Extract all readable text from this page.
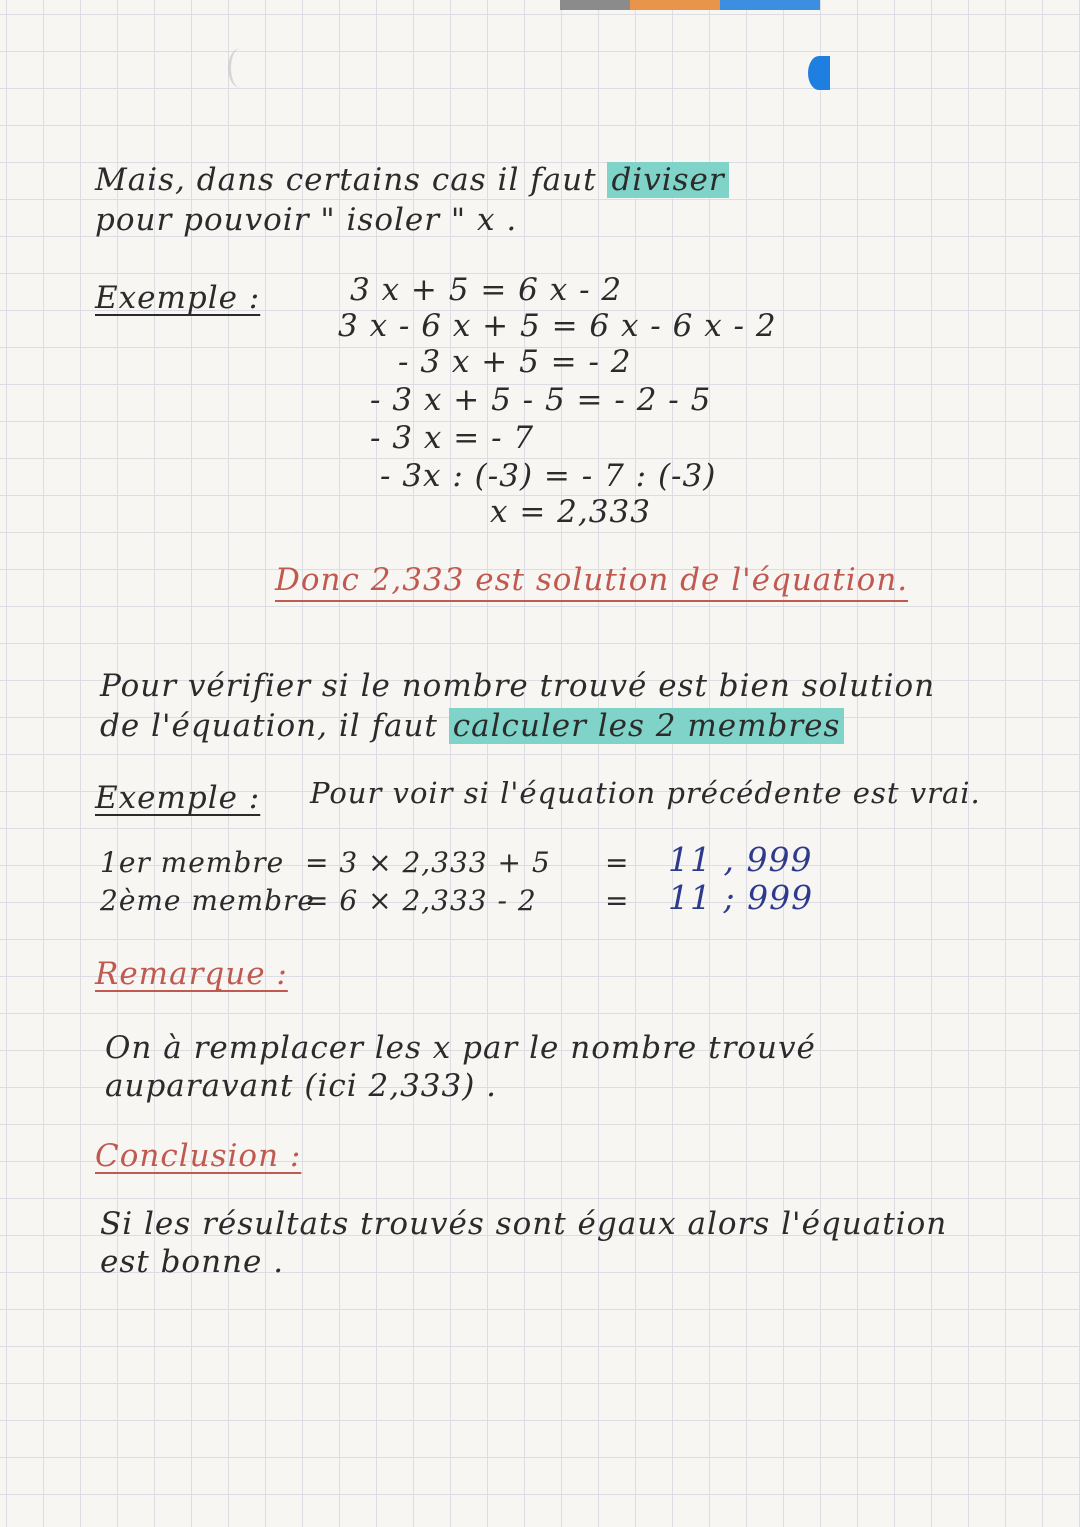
Mais, dans certains cas il faut diviser
pour pouvoir " isoler " x .
Exemple :	3 x + 5 = 6 x - 2
3 x - 6 x + 5 = 6 x - 6 x - 2
- 3 x + 5 = - 2
- 3 x + 5 - 5 = - 2 - 5
- 3 x = - 7
- 3x : (-3) = - 7 : (-3)
x = 2,333
Donc 2,333 est solution de l'équation.
Pour vérifier si le nombre trouvé est bien solution
de l'équation, il faut calculer les 2 membres
Exemple : Pour voir si l'équation précédente est vrai.
1er membre = 3 × 2,333 + 5 = 11 , 999
2ème membre
= 6 × 2,333 - 2 = 11 ; 999
Remarque :
On à remplacer les x par le nombre trouvé
auparavant (ici 2,333) .
Conclusion :
Si les résultats trouvés sont égaux alors l'équation
est bonne .
